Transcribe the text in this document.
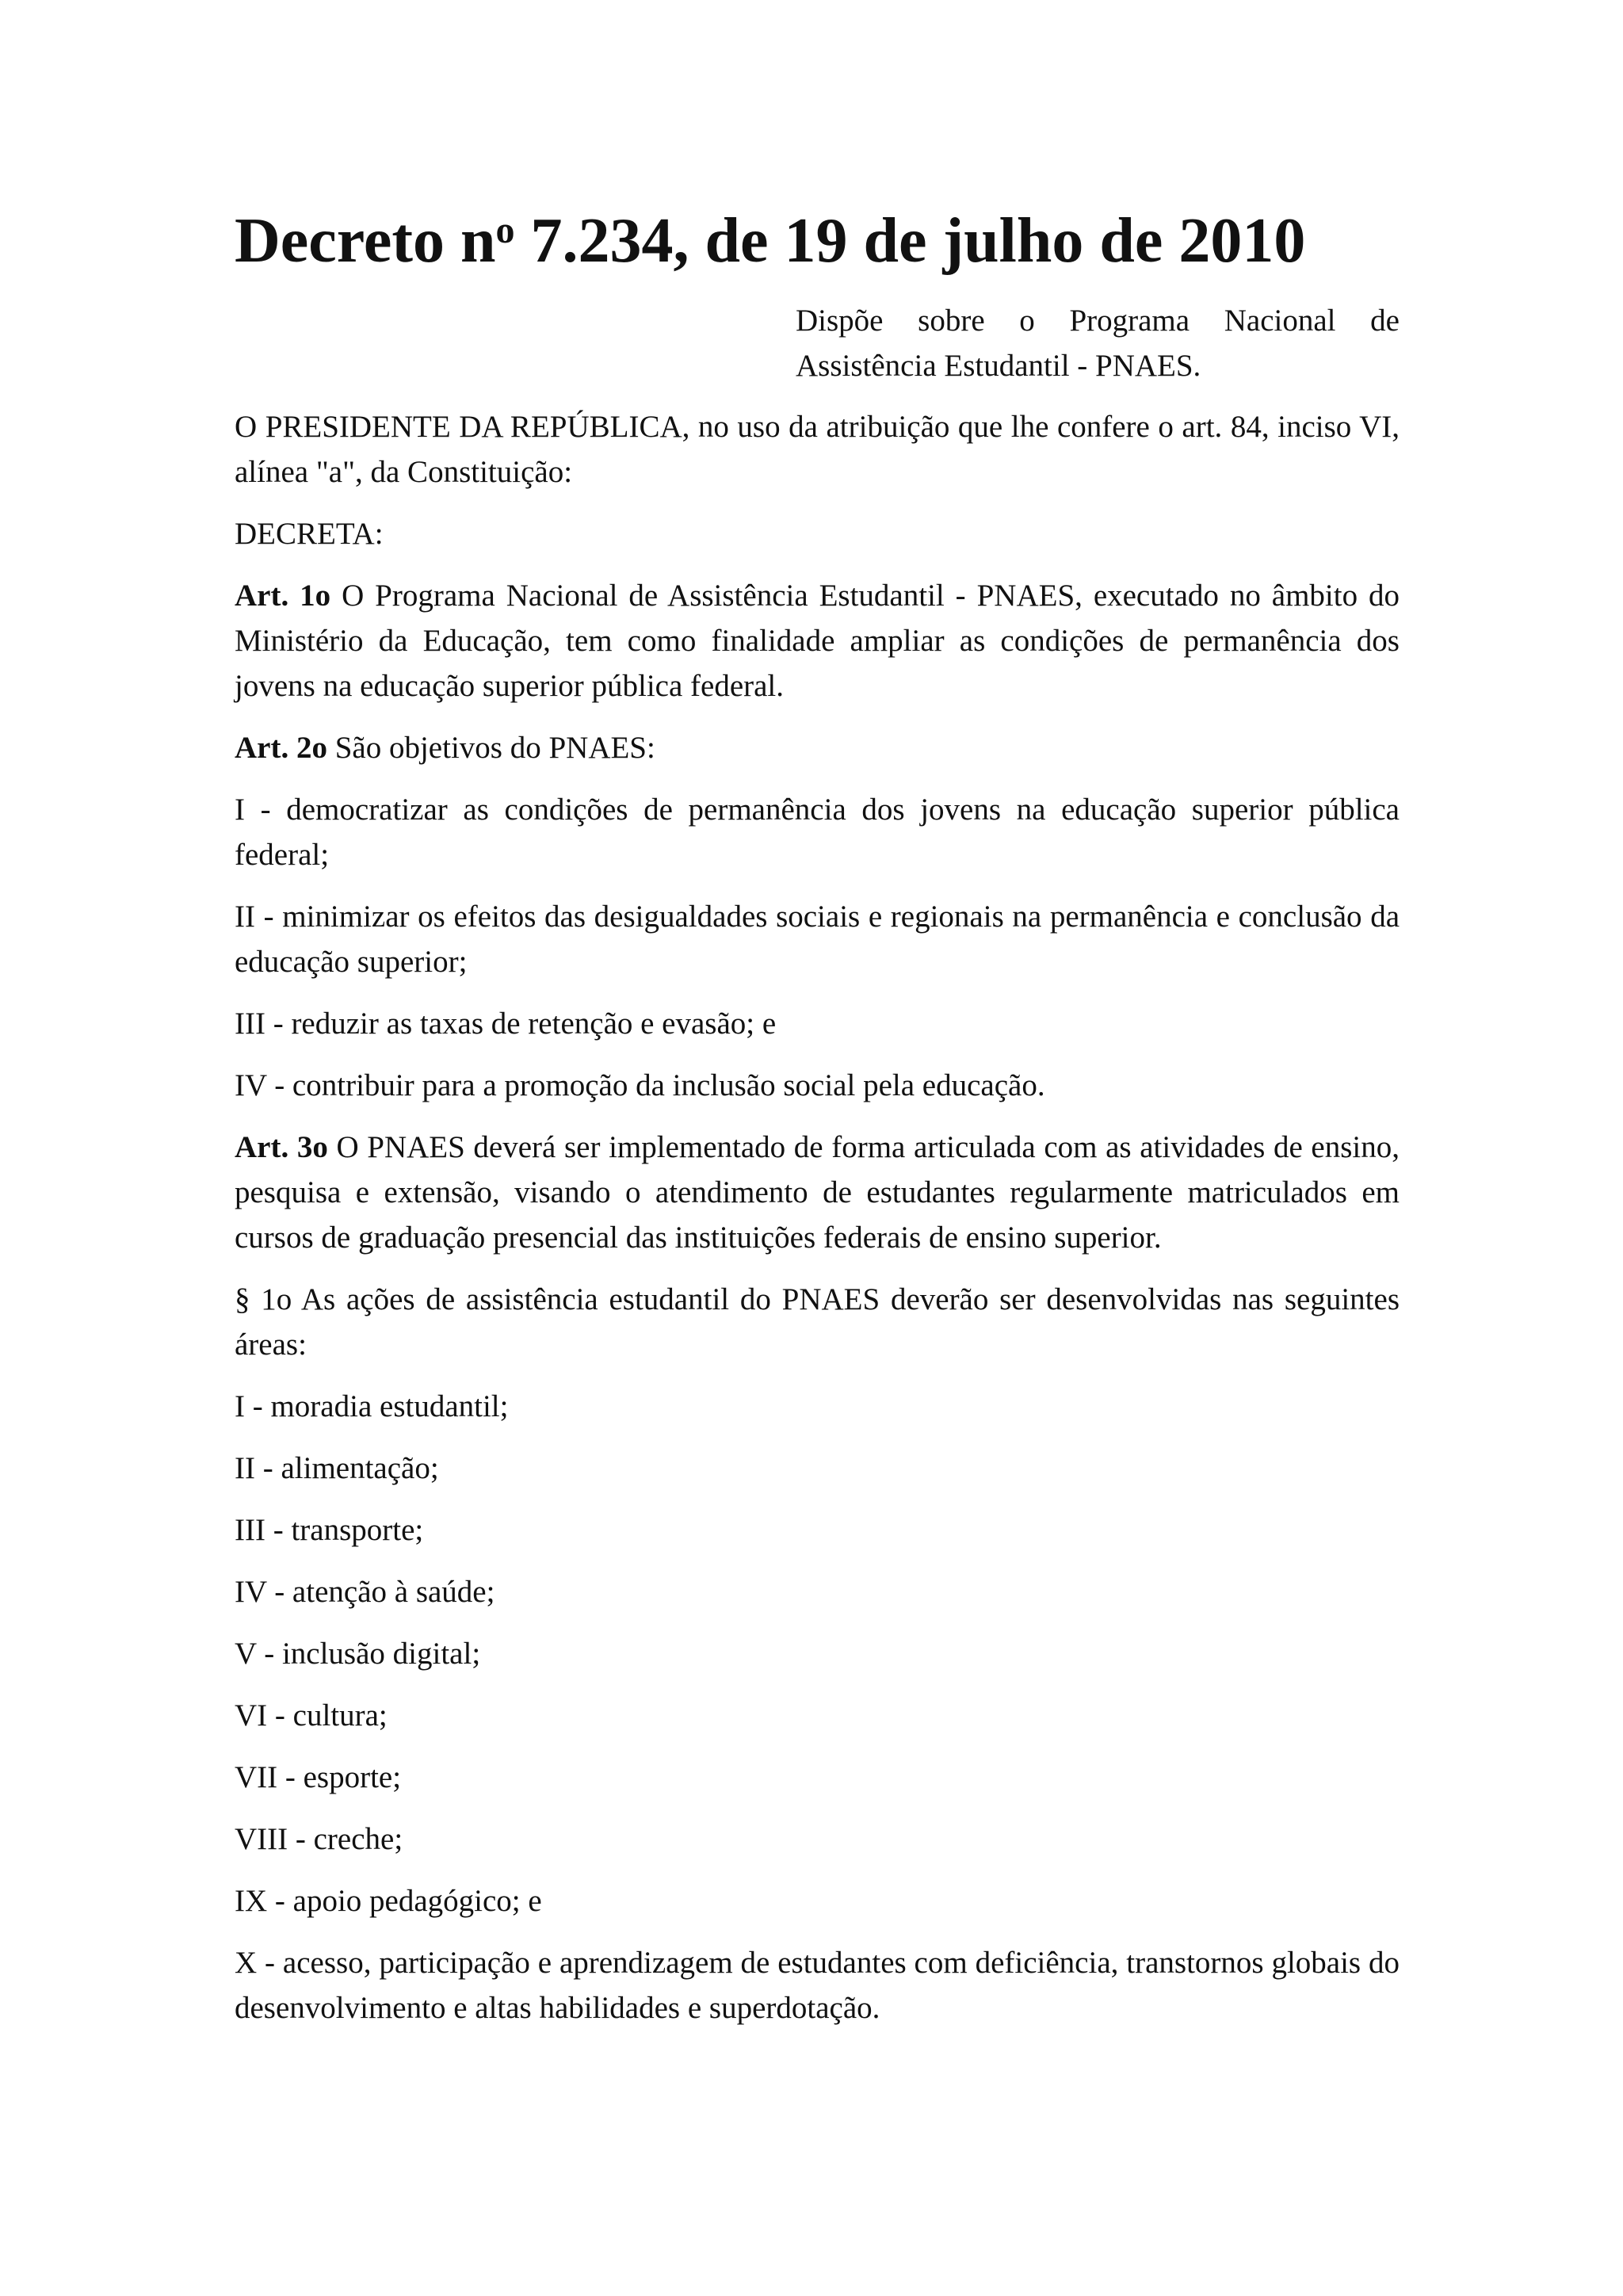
Decreto $n^o$ 7.234, de 19 de julho de 2010
Dispõe sobre o Programa Nacional de Assistência Estudantil - PNAES.

O PRESIDENTE DA REPÚBLICA, no uso da atribuição que lhe confere o art. 84, inciso VI, alínea "a", da Constituição:

DECRETA:

Art. 1o O Programa Nacional de Assistência Estudantil - PNAES, executado no âmbito do Ministério da Educação, tem como finalidade ampliar as condições de permanência dos jovens na educação superior pública federal.

Art. 2o São objetivos do PNAES:

I - democratizar as condições de permanência dos jovens na educação superior pública federal;

II - minimizar os efeitos das desigualdades sociais e regionais na permanência e conclusão da educação superior;

III - reduzir as taxas de retenção e evasão; e

IV - contribuir para a promoção da inclusão social pela educação.

Art. 3o O PNAES deverá ser implementado de forma articulada com as atividades de ensino, pesquisa e extensão, visando o atendimento de estudantes regularmente matriculados em cursos de graduação presencial das instituições federais de ensino superior.

§ 1o As ações de assistência estudantil do PNAES deverão ser desenvolvidas nas seguintes áreas:

I - moradia estudantil;

II - alimentação;

III - transporte;

IV - atenção à saúde;

V - inclusão digital;

VI - cultura;

VII - esporte;

VIII - creche;

IX - apoio pedagógico; e

X - acesso, participação e aprendizagem de estudantes com deficiência, transtornos globais do desenvolvimento e altas habilidades e superdotação.
